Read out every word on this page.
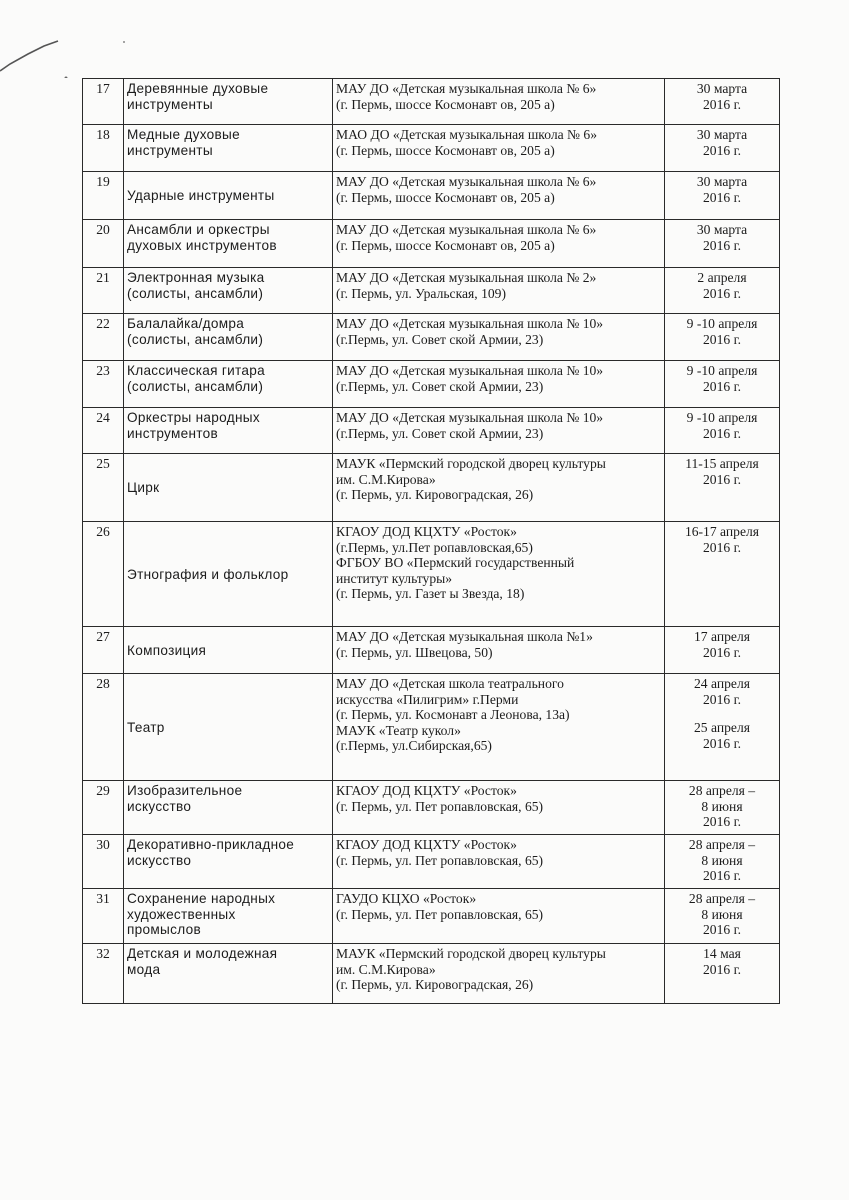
17	Деревянные духовые
инструменты	МАУ ДО «Детская музыкальная школа № 6»
(г. Пермь, шоссе Космонавт ов, 205 а)	30 марта
2016 г.

18	Медные духовые
инструменты	МАО ДО «Детская музыкальная школа № 6»
(г. Пермь, шоссе Космонавт ов, 205 а)	30 марта
2016 г.

19	Ударные инструменты	МАУ ДО «Детская музыкальная школа № 6»
(г. Пермь, шоссе Космонавт ов, 205 а)	30 марта
2016 г.

20	Ансамбли и оркестры
духовых инструментов	МАУ ДО «Детская музыкальная школа № 6»
(г. Пермь, шоссе Космонавт ов, 205 а)	30 марта
2016 г.

21	Электронная музыка
(солисты, ансамбли)	МАУ ДО «Детская музыкальная школа № 2»
(г. Пермь, ул. Уральская, 109)	2 апреля
2016 г.

22	Балалайка/домра
(солисты, ансамбли)	МАУ ДО «Детская музыкальная школа № 10»
(г.Пермь, ул. Совет ской Армии, 23)	9 -10 апреля
2016 г.

23	Классическая гитара
(солисты, ансамбли)	МАУ ДО «Детская музыкальная школа № 10»
(г.Пермь, ул. Совет ской Армии, 23)	9 -10 апреля
2016 г.

24	Оркестры народных
инструментов	МАУ ДО «Детская музыкальная школа № 10»
(г.Пермь, ул. Совет ской Армии, 23)	9 -10 апреля
2016 г.

25	Цирк	МАУК «Пермский городской дворец культуры
им. С.М.Кирова»
(г. Пермь, ул. Кировоградская, 26)	11-15 апреля
2016 г.

26	Этнография и фольклор	КГАОУ ДОД КЦХТУ «Росток»
(г.Пермь, ул.Пет ропавловская,65)
ФГБОУ ВО «Пермский государственный
институт культуры»
(г. Пермь, ул. Газет ы Звезда, 18)	16-17 апреля
2016 г.

27	Композиция	МАУ ДО «Детская музыкальная школа №1»
(г. Пермь, ул. Швецова, 50)	17 апреля
2016 г.

28	Театр	МАУ ДО «Детская школа театрального
искусства «Пилигрим» г.Перми
(г. Пермь, ул. Космонавт а Леонова, 13а)
МАУК «Театр кукол»
(г.Пермь, ул.Сибирская,65)	24 апреля
2016 г.
25 апреля
2016 г.

29	Изобразительное
искусство	КГАОУ ДОД КЦХТУ «Росток»
(г. Пермь, ул. Пет ропавловская, 65)	28 апреля –
8 июня
2016 г.

30	Декоративно-прикладное
искусство	КГАОУ ДОД КЦХТУ «Росток»
(г. Пермь, ул. Пет ропавловская, 65)	28 апреля –
8 июня
2016 г.

31	Сохранение народных
художественных
промыслов	ГАУДО КЦХО «Росток»
(г. Пермь, ул. Пет ропавловская, 65)	28 апреля –
8 июня
2016 г.

32	Детская и молодежная
мода	МАУК «Пермский городской дворец культуры
им. С.М.Кирова»
(г. Пермь, ул. Кировоградская, 26)	14 мая
2016 г.
